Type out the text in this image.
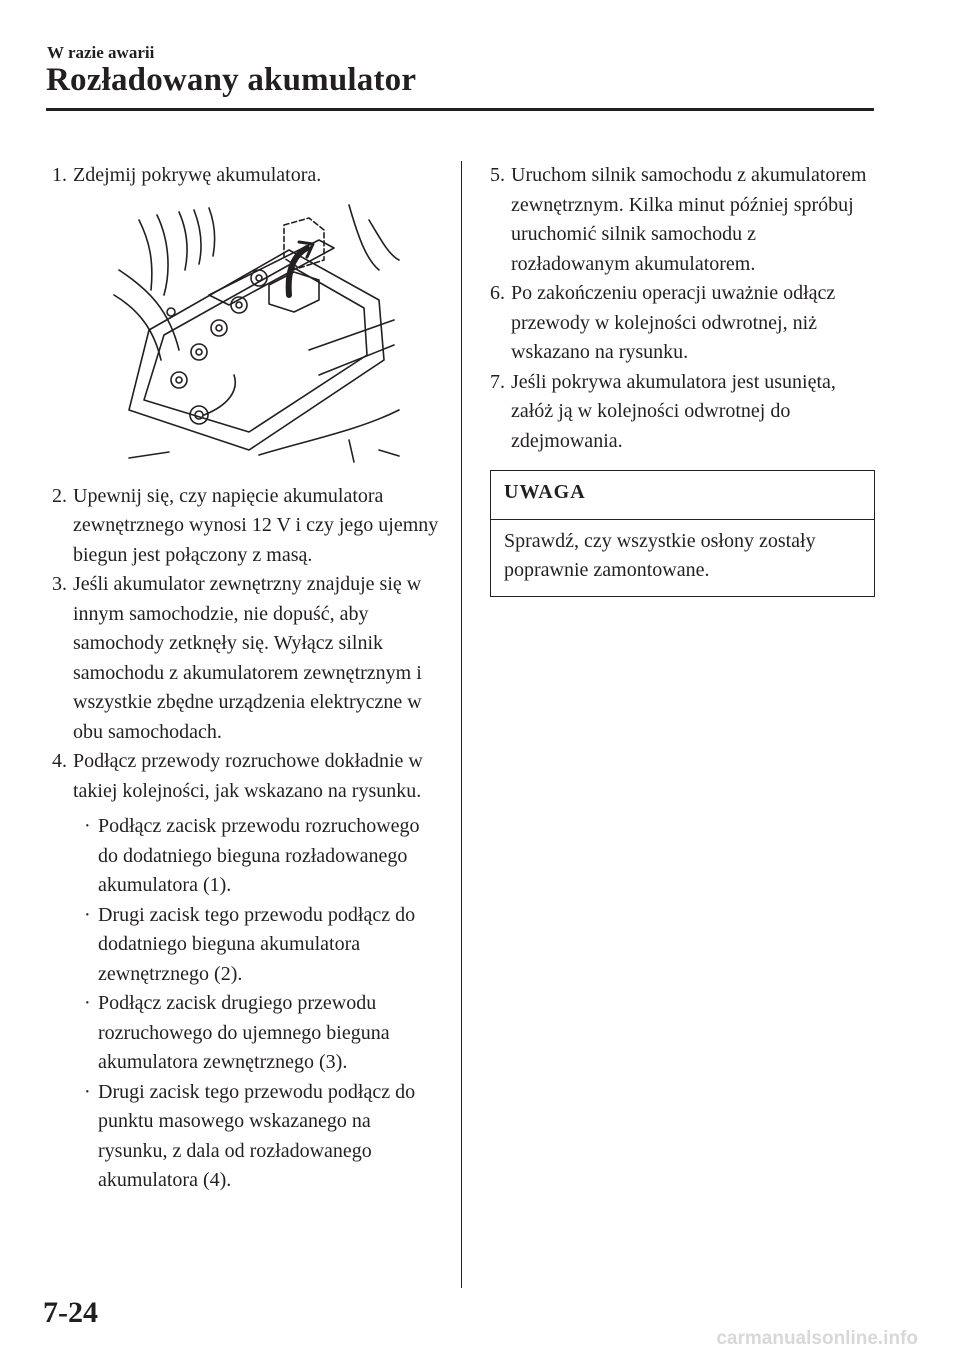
W razie awarii
Rozładowany akumulator
1. Zdejmij pokrywę akumulatora.
2. Upewnij się, czy napięcie akumulatora zewnętrznego wynosi 12 V i czy jego ujemny biegun jest połączony z masą.
3. Jeśli akumulator zewnętrzny znajduje się w innym samochodzie, nie dopuść, aby samochody zetknęły się. Wyłącz silnik samochodu z akumulatorem zewnętrznym i wszystkie zbędne urządzenia elektryczne w obu samochodach.
4. Podłącz przewody rozruchowe dokładnie w takiej kolejności, jak wskazano na rysunku.
· Podłącz zacisk przewodu rozruchowego do dodatniego bieguna rozładowanego akumulatora (1).
· Drugi zacisk tego przewodu podłącz do dodatniego bieguna akumulatora zewnętrznego (2).
· Podłącz zacisk drugiego przewodu rozruchowego do ujemnego bieguna akumulatora zewnętrznego (3).
· Drugi zacisk tego przewodu podłącz do punktu masowego wskazanego na rysunku, z dala od rozładowanego akumulatora (4).
5. Uruchom silnik samochodu z akumulatorem zewnętrznym. Kilka minut później spróbuj uruchomić silnik samochodu z rozładowanym akumulatorem.
6. Po zakończeniu operacji uważnie odłącz przewody w kolejności odwrotnej, niż wskazano na rysunku.
7. Jeśli pokrywa akumulatora jest usunięta, załóż ją w kolejności odwrotnej do zdejmowania.
UWAGA
Sprawdź, czy wszystkie osłony zostały poprawnie zamontowane.
7-24
carmanualsonline.info
